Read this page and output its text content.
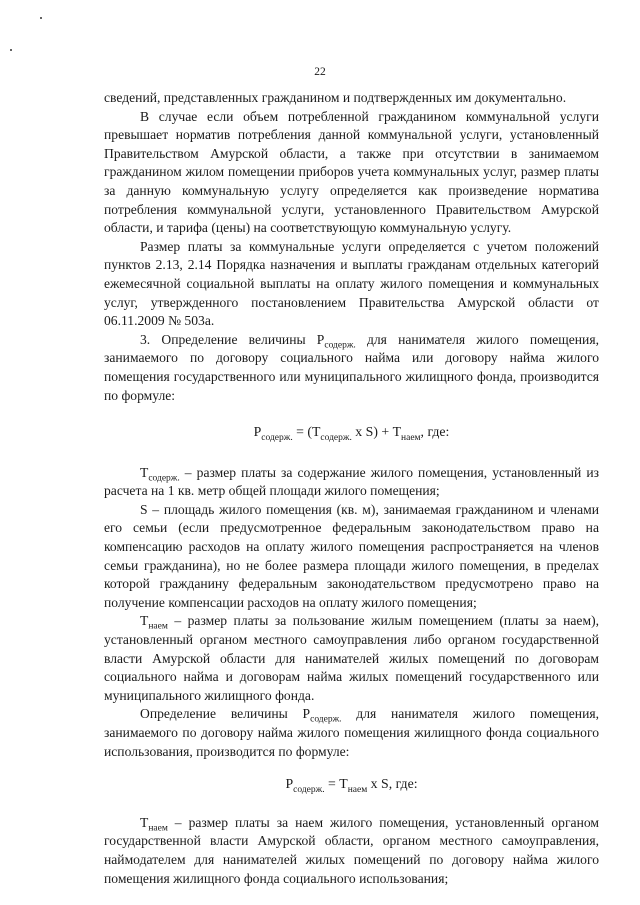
22

сведений, представленных гражданином и подтвержденных им документально.

В случае если объем потребленной гражданином коммунальной услуги превышает норматив потребления данной коммунальной услуги, установленный Правительством Амурской области, а также при отсутствии в занимаемом гражданином жилом помещении приборов учета коммунальных услуг, размер платы за данную коммунальную услугу определяется как произведение норматива потребления коммунальной услуги, установленного Правительством Амурской области, и тарифа (цены) на соответствующую коммунальную услугу.

Размер платы за коммунальные услуги определяется с учетом положений пунктов 2.13, 2.14 Порядка назначения и выплаты гражданам отдельных категорий ежемесячной социальной выплаты на оплату жилого помещения и коммунальных услуг, утвержденного постановлением Правительства Амурской области от 06.11.2009 № 503а.

3. Определение величины $Р_{содерж.}$ для нанимателя жилого помещения, занимаемого по договору социального найма или договору найма жилого помещения государственного или муниципального жилищного фонда, производится по формуле:

$Р_{содерж.} = (Т_{содерж.}$ х $S) + Т_{наем}$, где:

$Т_{содерж.}$ – размер платы за содержание жилого помещения, установленный из расчета на 1 кв. метр общей площади жилого помещения;

S – площадь жилого помещения (кв. м), занимаемая гражданином и членами его семьи (если предусмотренное федеральным законодательством право на компенсацию расходов на оплату жилого помещения распространяется на членов семьи гражданина), но не более размера площади жилого помещения, в пределах которой гражданину федеральным законодательством предусмотрено право на получение компенсации расходов на оплату жилого помещения;

$Т_{наем}$ – размер платы за пользование жилым помещением (платы за наем), установленный органом местного самоуправления либо органом государственной власти Амурской области для нанимателей жилых помещений по договорам социального найма и договорам найма жилых помещений государственного или муниципального жилищного фонда.

Определение величины $Р_{содерж.}$ для нанимателя жилого помещения, занимаемого по договору найма жилого помещения жилищного фонда социального использования, производится по формуле:

$Р_{содерж.} = Т_{наем}$ х S, где:

$Т_{наем}$ – размер платы за наем жилого помещения, установленный органом государственной власти Амурской области, органом местного самоуправления, наймодателем для нанимателей жилых помещений по договору найма жилого помещения жилищного фонда социального использования;
